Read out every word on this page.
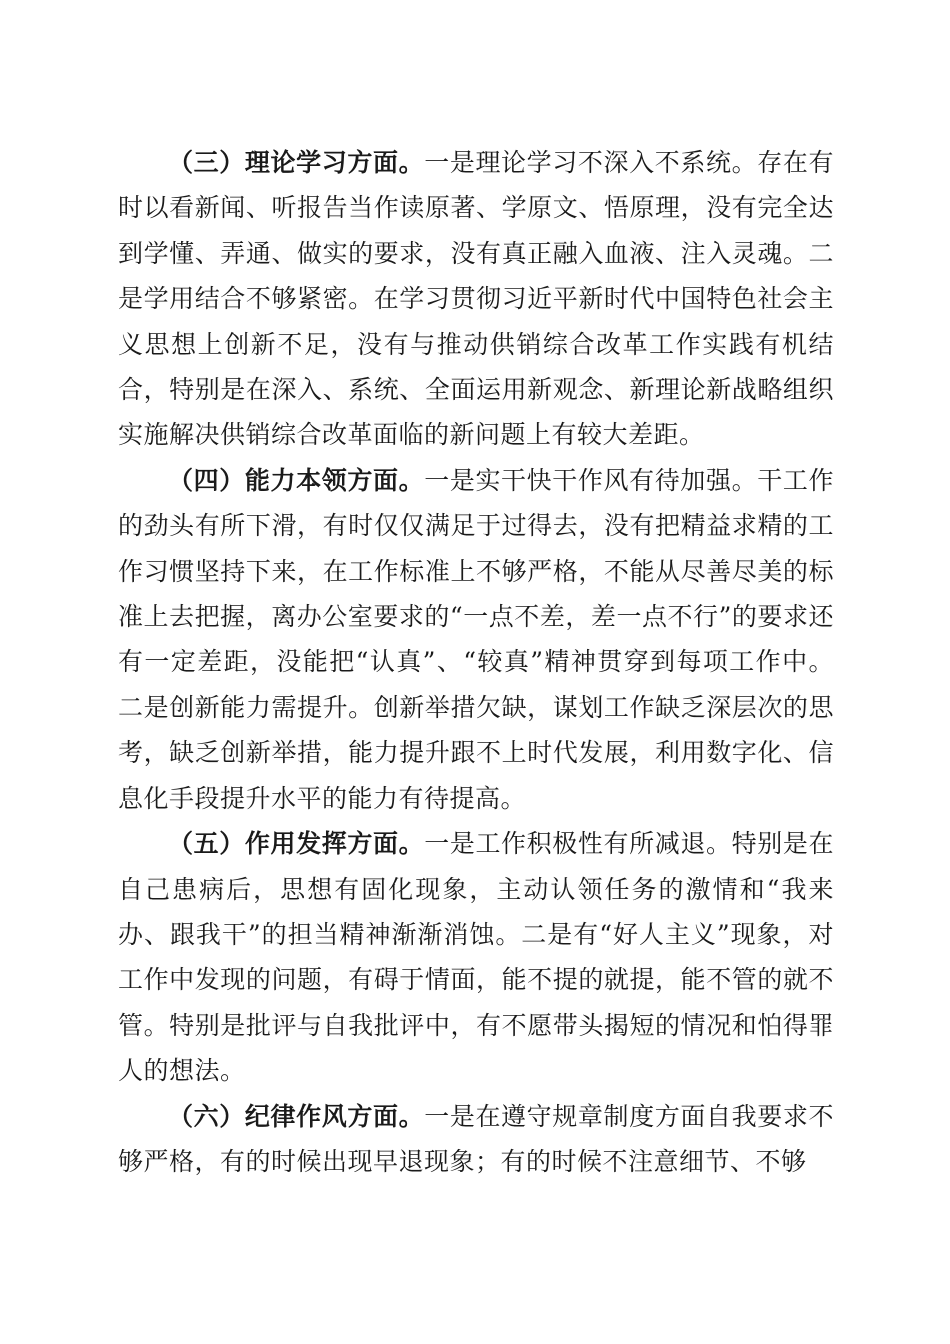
（三）理论学习方面。一是理论学习不深入不系统。存在有时以看新闻、听报告当作读原著、学原文、悟原理，没有完全达到学懂、弄通、做实的要求，没有真正融入血液、注入灵魂。二是学用结合不够紧密。在学习贯彻习近平新时代中国特色社会主义思想上创新不足，没有与推动供销综合改革工作实践有机结合，特别是在深入、系统、全面运用新观念、新理论新战略组织实施解决供销综合改革面临的新问题上有较大差距。

（四）能力本领方面。一是实干快干作风有待加强。干工作的劲头有所下滑，有时仅仅满足于过得去，没有把精益求精的工作习惯坚持下来，在工作标准上不够严格，不能从尽善尽美的标准上去把握，离办公室要求的“一点不差，差一点不行”的要求还有一定差距，没能把“认真”、“较真”精神贯穿到每项工作中。二是创新能力需提升。创新举措欠缺，谋划工作缺乏深层次的思考，缺乏创新举措，能力提升跟不上时代发展，利用数字化、信息化手段提升水平的能力有待提高。

（五）作用发挥方面。一是工作积极性有所减退。特别是在自己患病后，思想有固化现象，主动认领任务的激情和“我来办、跟我干”的担当精神渐渐消蚀。二是有“好人主义”现象，对工作中发现的问题，有碍于情面，能不提的就提，能不管的就不管。特别是批评与自我批评中，有不愿带头揭短的情况和怕得罪人的想法。

（六）纪律作风方面。一是在遵守规章制度方面自我要求不够严格，有的时候出现早退现象；有的时候不注意细节、不够
